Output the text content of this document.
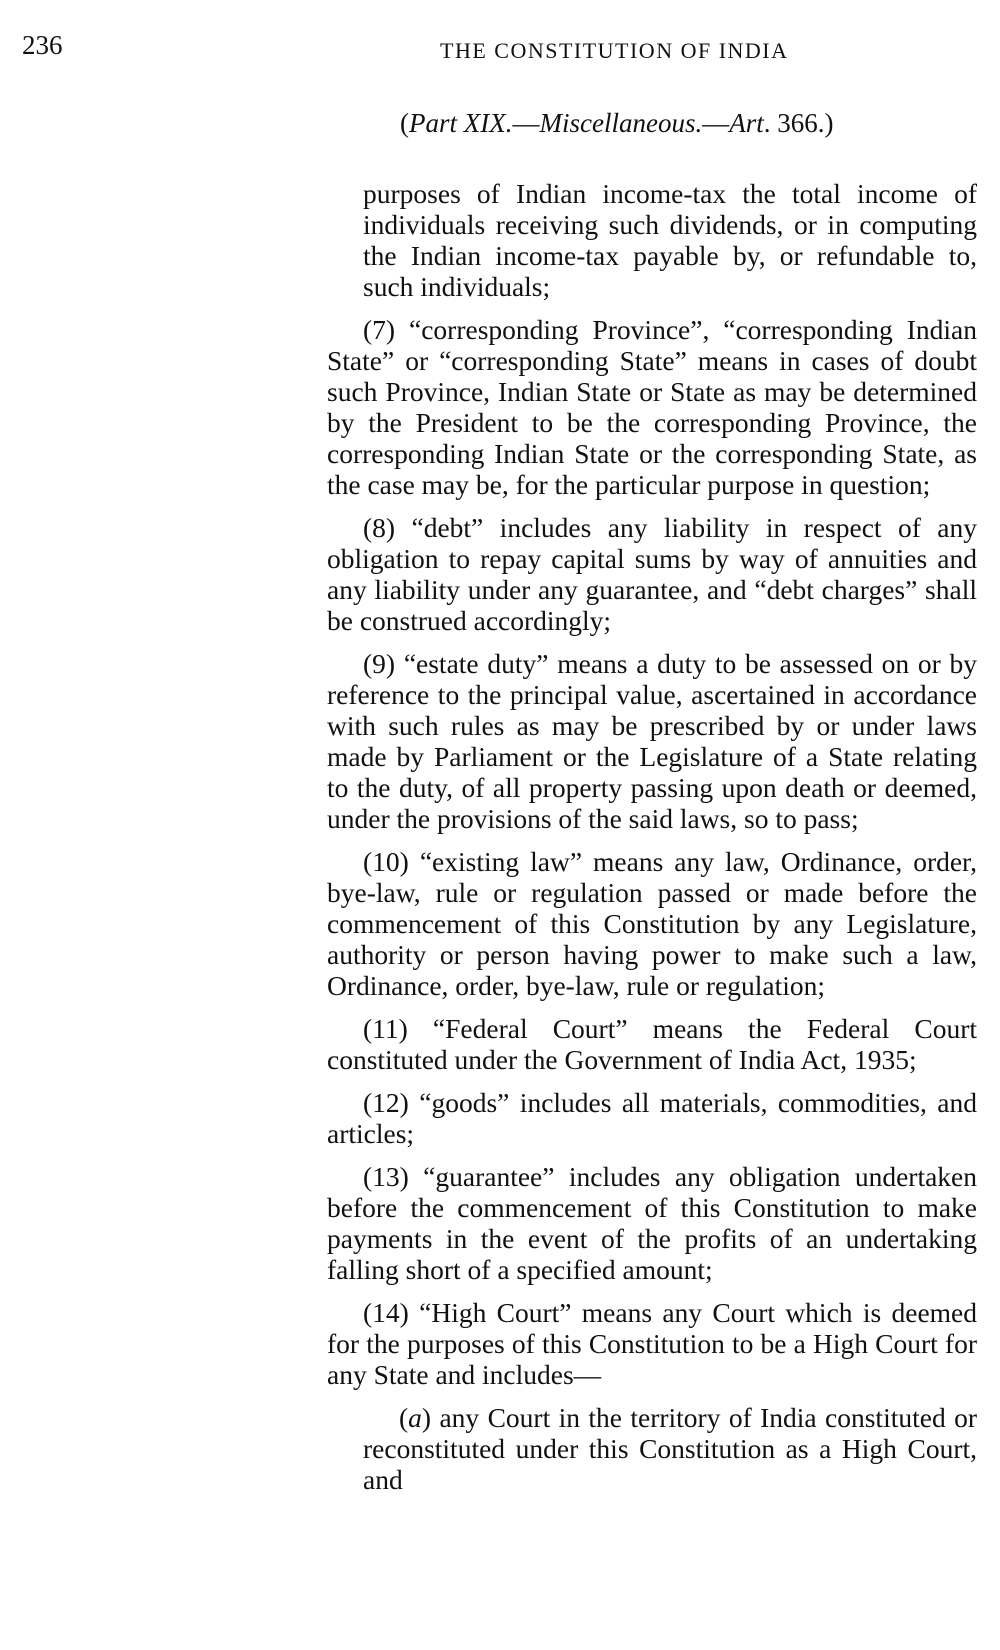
236	THE CONSTITUTION OF INDIA
(Part XIX.—Miscellaneous.—Art. 366.)

purposes of Indian income-tax the total income of individuals receiving such dividends, or in computing the Indian income-tax payable by, or refundable to, such individuals;

(7) “corresponding Province”, “corresponding Indian State” or “corresponding State” means in cases of doubt such Province, Indian State or State as may be determined by the President to be the corresponding Province, the corresponding Indian State or the corresponding State, as the case may be, for the particular purpose in question;

(8) “debt” includes any liability in respect of any obligation to repay capital sums by way of annuities and any liability under any guarantee, and “debt charges” shall be construed accordingly;

(9) “estate duty” means a duty to be assessed on or by reference to the principal value, ascertained in accordance with such rules as may be prescribed by or under laws made by Parliament or the Legislature of a State relating to the duty, of all property passing upon death or deemed, under the provisions of the said laws, so to pass;

(10) “existing law” means any law, Ordinance, order, bye-law, rule or regulation passed or made before the commencement of this Constitution by any Legislature, authority or person having power to make such a law, Ordinance, order, bye-law, rule or regulation;

(11) “Federal Court” means the Federal Court constituted under the Government of India Act, 1935;

(12) “goods” includes all materials, commodities, and articles;

(13) “guarantee” includes any obligation undertaken before the commencement of this Constitution to make payments in the event of the profits of an undertaking falling short of a specified amount;

(14) “High Court” means any Court which is deemed for the purposes of this Constitution to be a High Court for any State and includes—

(a) any Court in the territory of India constituted or reconstituted under this Constitution as a High Court, and
